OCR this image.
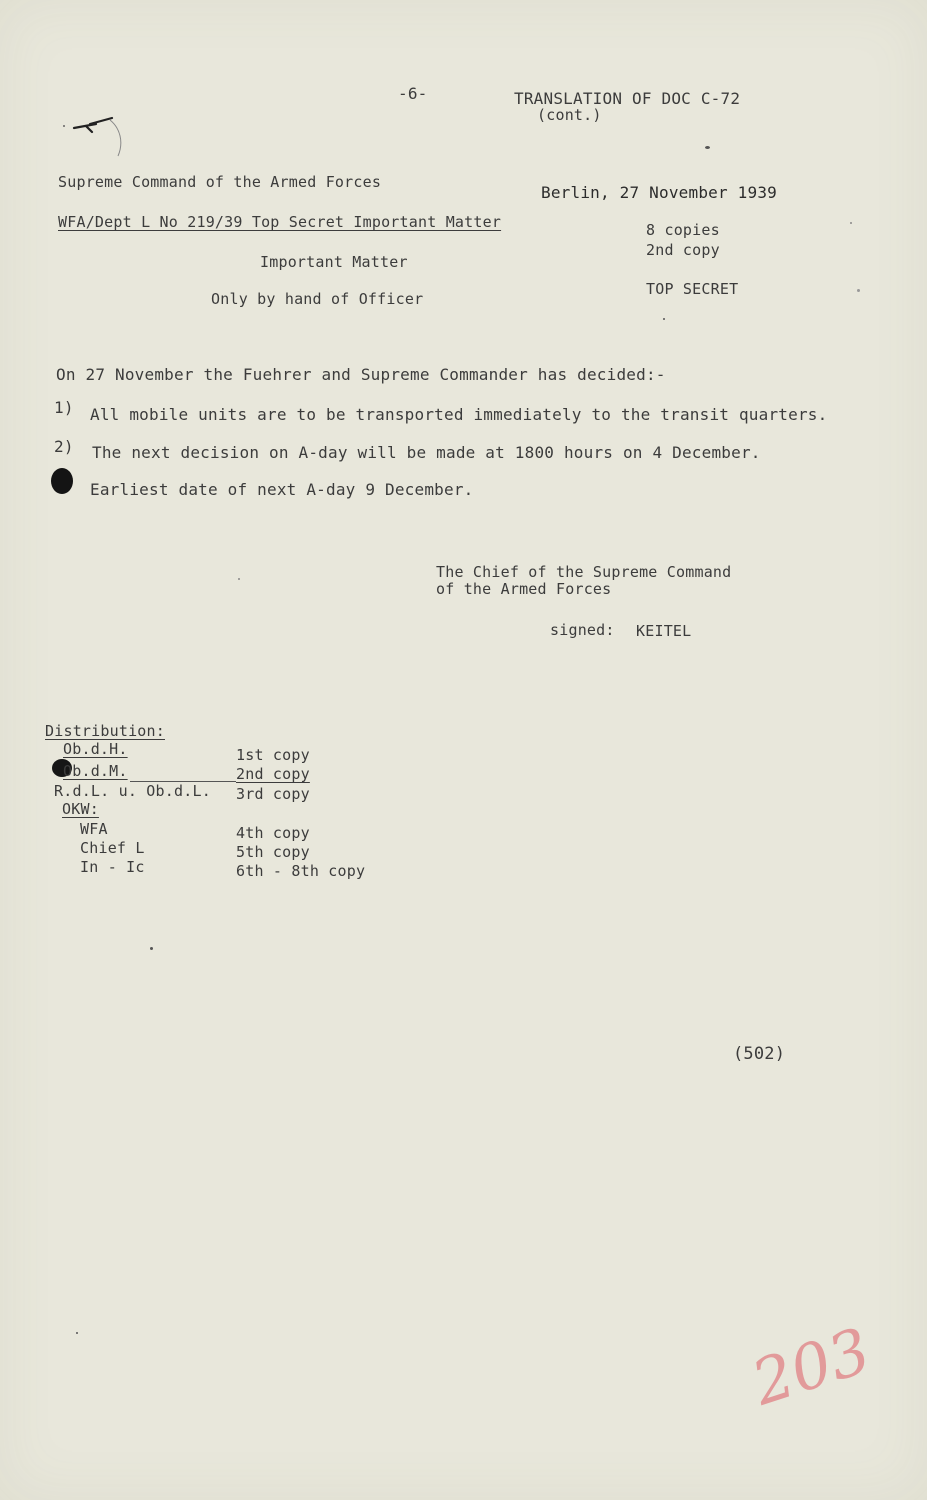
-6-	TRANSLATION OF DOC C-72
(cont.)
Supreme Command of the Armed Forces
Berlin, 27 November 1939
WFA/Dept L No 219/39 Top Secret Important Matter	8 copies
2nd copy
Important Matter
TOP SECRET
Only by hand of Officer
On 27 November the Fuehrer and Supreme Commander has decided:-
1) All mobile units are to be transported immediately to the transit quarters.
2) The next decision on A-day will be made at 1800 hours on 4 December.
Earliest date of next A-day 9 December.
The Chief of the Supreme Command
of the Armed Forces
signed: KEITEL
Distribution:
Ob.d.H.	1st copy
Ob.d.M.	2nd copy
R.d.L. u. Ob.d.L. 3rd copy
OKW:
WFA	4th copy
Chief L	5th copy
In - Ic	6th - 8th copy
(502)
203
